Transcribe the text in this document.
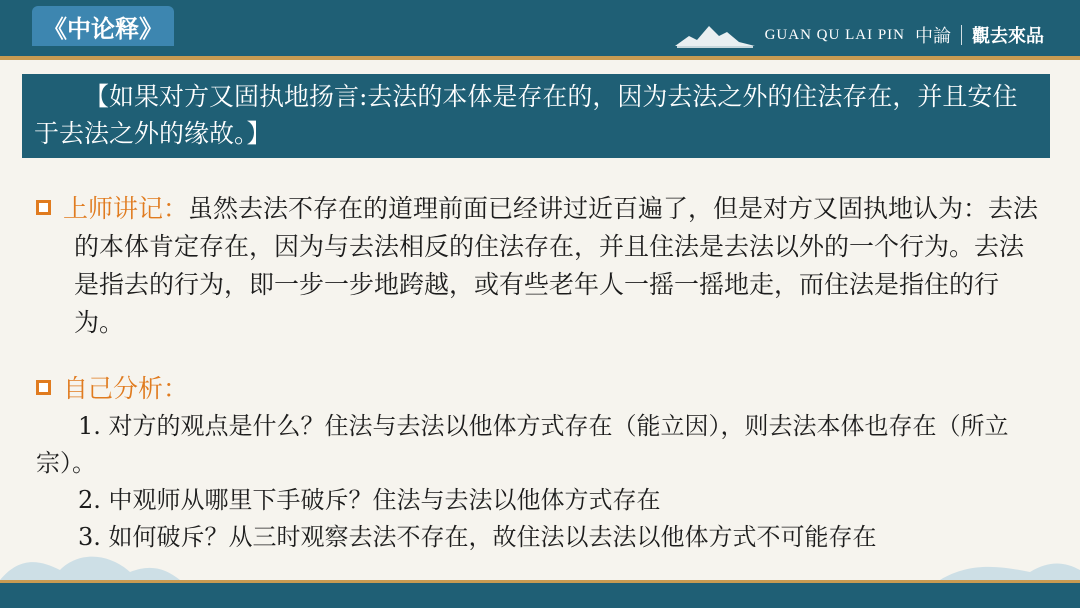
《中论释》	GUAN QU LAI PIN 中論 觀去來品
【如果对方又固执地扬言:去法的本体是存在的，因为去法之外的住法存在，并且安住于去法之外的缘故。】
上师讲记：虽然去法不存在的道理前面已经讲过近百遍了，但是对方又固执地认为：去法的本体肯定存在，因为与去法相反的住法存在，并且住法是去法以外的一个行为。去法是指去的行为，即一步一步地跨越，或有些老年人一摇一摇地走，而住法是指住的行为。
自己分析：
1. 对方的观点是什么？住法与去法以他体方式存在（能立因），则去法本体也存在（所立宗）。
2. 中观师从哪里下手破斥？住法与去法以他体方式存在
3. 如何破斥？从三时观察去法不存在，故住法以去法以他体方式不可能存在
